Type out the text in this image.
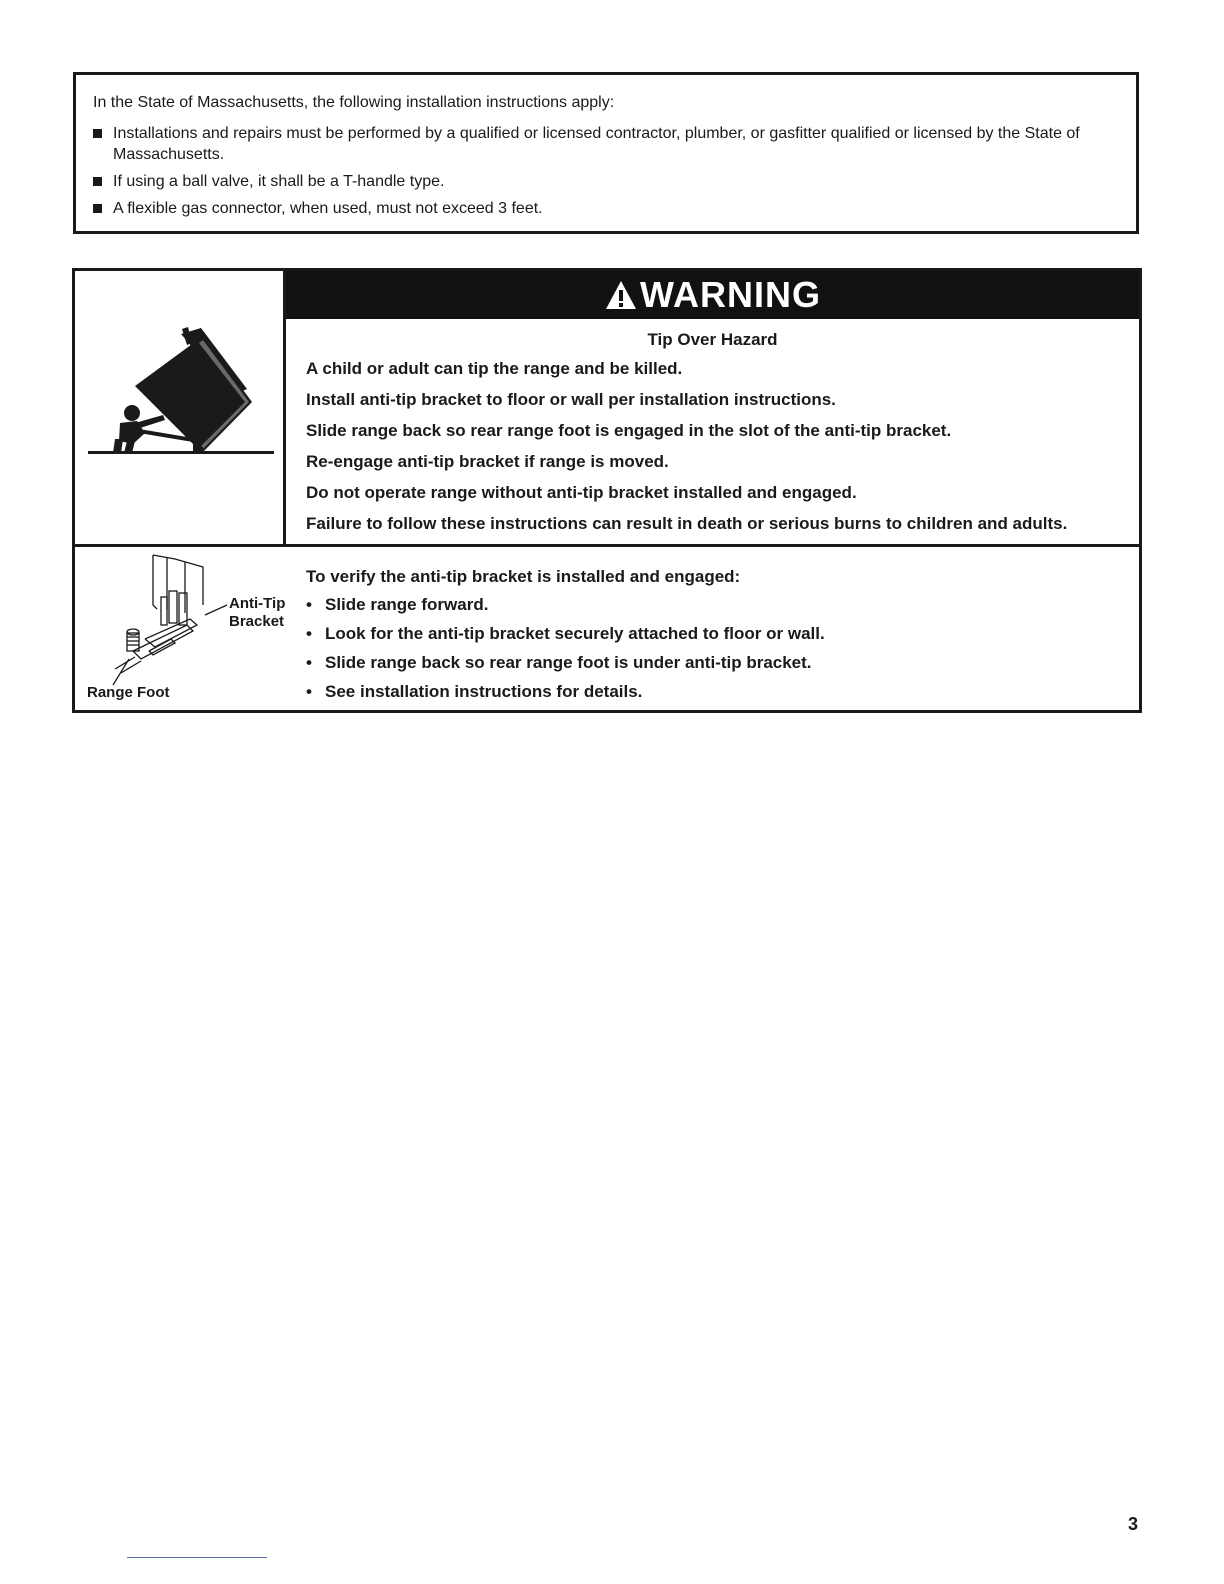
In the State of Massachusetts, the following installation instructions apply:
Installations and repairs must be performed by a qualified or licensed contractor, plumber, or gasfitter qualified or licensed by the State of Massachusetts.
If using a ball valve, it shall be a T-handle type.
A flexible gas connector, when used, must not exceed 3 feet.
WARNING
Tip Over Hazard
A child or adult can tip the range and be killed.
Install anti-tip bracket to floor or wall per installation instructions.
Slide range back so rear range foot is engaged in the slot of the anti-tip bracket.
Re-engage anti-tip bracket if range is moved.
Do not operate range without anti-tip bracket installed and engaged.
Failure to follow these instructions can result in death or serious burns to children and adults.
Anti-Tip
Bracket
Range Foot
To verify the anti-tip bracket is installed and engaged:
• Slide range forward.
• Look for the anti-tip bracket securely attached to floor or wall.
• Slide range back so rear range foot is under anti-tip bracket.
• See installation instructions for details.
3
